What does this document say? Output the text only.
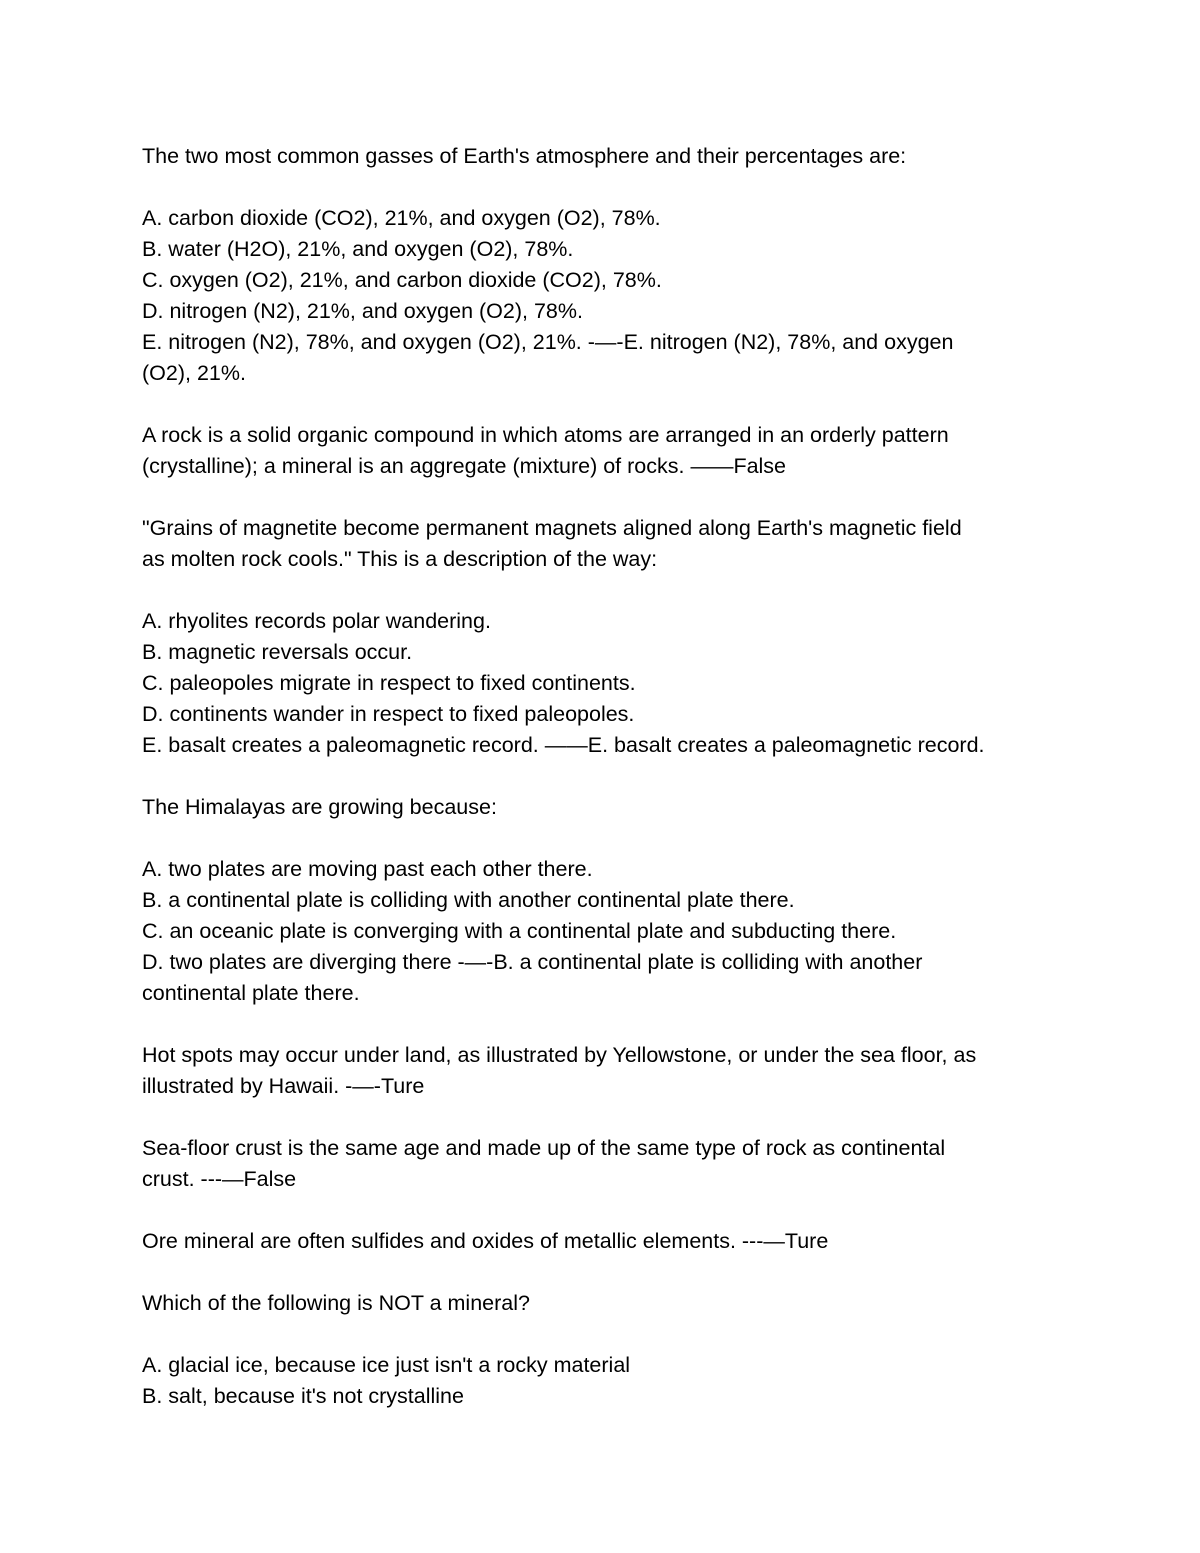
The two most common gasses of Earth's atmosphere and their percentages are:
A. carbon dioxide (CO2), 21%, and oxygen (O2), 78%.
B. water (H2O), 21%, and oxygen (O2), 78%.
C. oxygen (O2), 21%, and carbon dioxide (CO2), 78%.
D. nitrogen (N2), 21%, and oxygen (O2), 78%.
E. nitrogen (N2), 78%, and oxygen (O2), 21%. -—-E. nitrogen (N2), 78%, and oxygen
(O2), 21%.
A rock is a solid organic compound in which atoms are arranged in an orderly pattern
(crystalline); a mineral is an aggregate (mixture) of rocks. ——False
"Grains of magnetite become permanent magnets aligned along Earth's magnetic field
as molten rock cools." This is a description of the way:
A. rhyolites records polar wandering.
B. magnetic reversals occur.
C. paleopoles migrate in respect to fixed continents.
D. continents wander in respect to fixed paleopoles.
E. basalt creates a paleomagnetic record. ——E. basalt creates a paleomagnetic record.
The Himalayas are growing because:
A. two plates are moving past each other there.
B. a continental plate is colliding with another continental plate there.
C. an oceanic plate is converging with a continental plate and subducting there.
D. two plates are diverging there -—-B. a continental plate is colliding with another
continental plate there.
Hot spots may occur under land, as illustrated by Yellowstone, or under the sea floor, as
illustrated by Hawaii. -—-Ture
Sea-floor crust is the same age and made up of the same type of rock as continental
crust. ---—False
Ore mineral are often sulfides and oxides of metallic elements. ---—Ture
Which of the following is NOT a mineral?
A. glacial ice, because ice just isn't a rocky material
B. salt, because it's not crystalline
